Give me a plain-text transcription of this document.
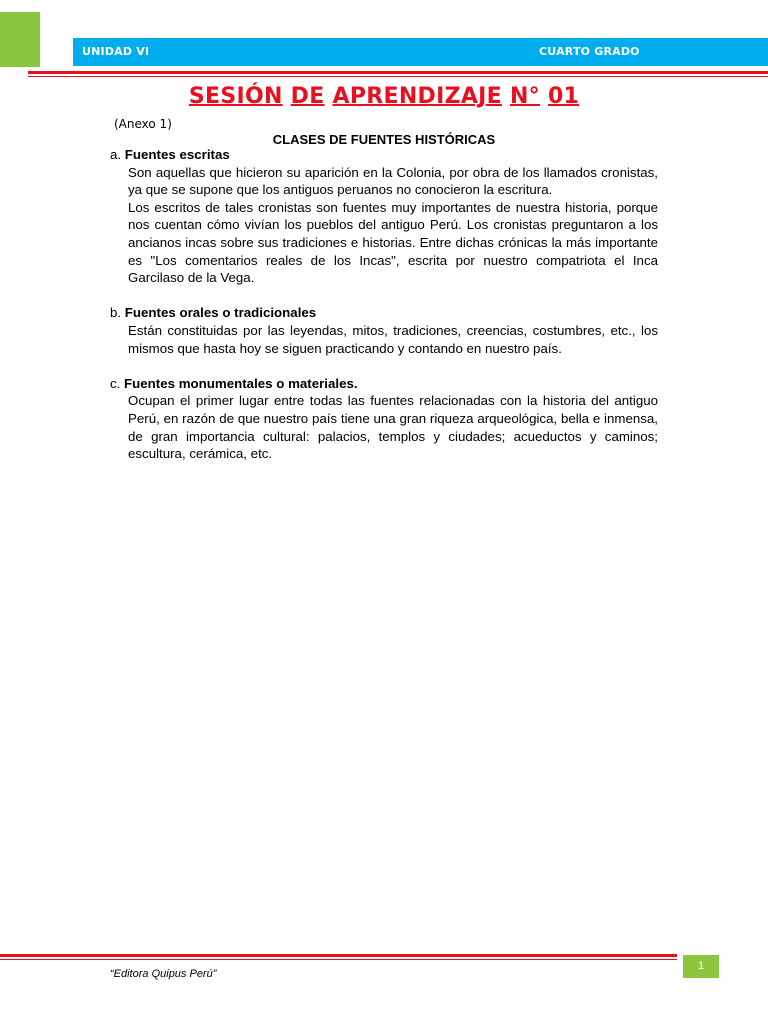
UNIDAD VI	CUARTO GRADO
SESIÓN DE APRENDIZAJE N° 01
(Anexo 1)
CLASES DE FUENTES HISTÓRICAS

a. Fuentes escritas

Son aquellas que hicieron su aparición en la Colonia, por obra de los llamados cronistas, ya que se supone que los antiguos peruanos no conocieron la escritura.

Los escritos de tales cronistas son fuentes muy importantes de nuestra historia, porque nos cuentan cómo vivían los pueblos del antiguo Perú. Los cronistas preguntaron a los ancianos incas sobre sus tradiciones e historias. Entre dichas crónicas la más importante es "Los comentarios reales de los Incas", escrita por nuestro compatriota el Inca Garcilaso de la Vega.

b. Fuentes orales o tradicionales

Están constituidas por las leyendas, mitos, tradiciones, creencias, costumbres, etc., los mismos que hasta hoy se siguen practicando y contando en nuestro país.

c. Fuentes monumentales o materiales.

Ocupan el primer lugar entre todas las fuentes relacionadas con la historia del antiguo Perú, en razón de que nuestro país tiene una gran riqueza arqueológica, bella e inmensa, de gran importancia cultural: palacios, templos y ciudades; acueductos y caminos; escultura, cerámica, etc.

1
“Editora Quipus Perú”
